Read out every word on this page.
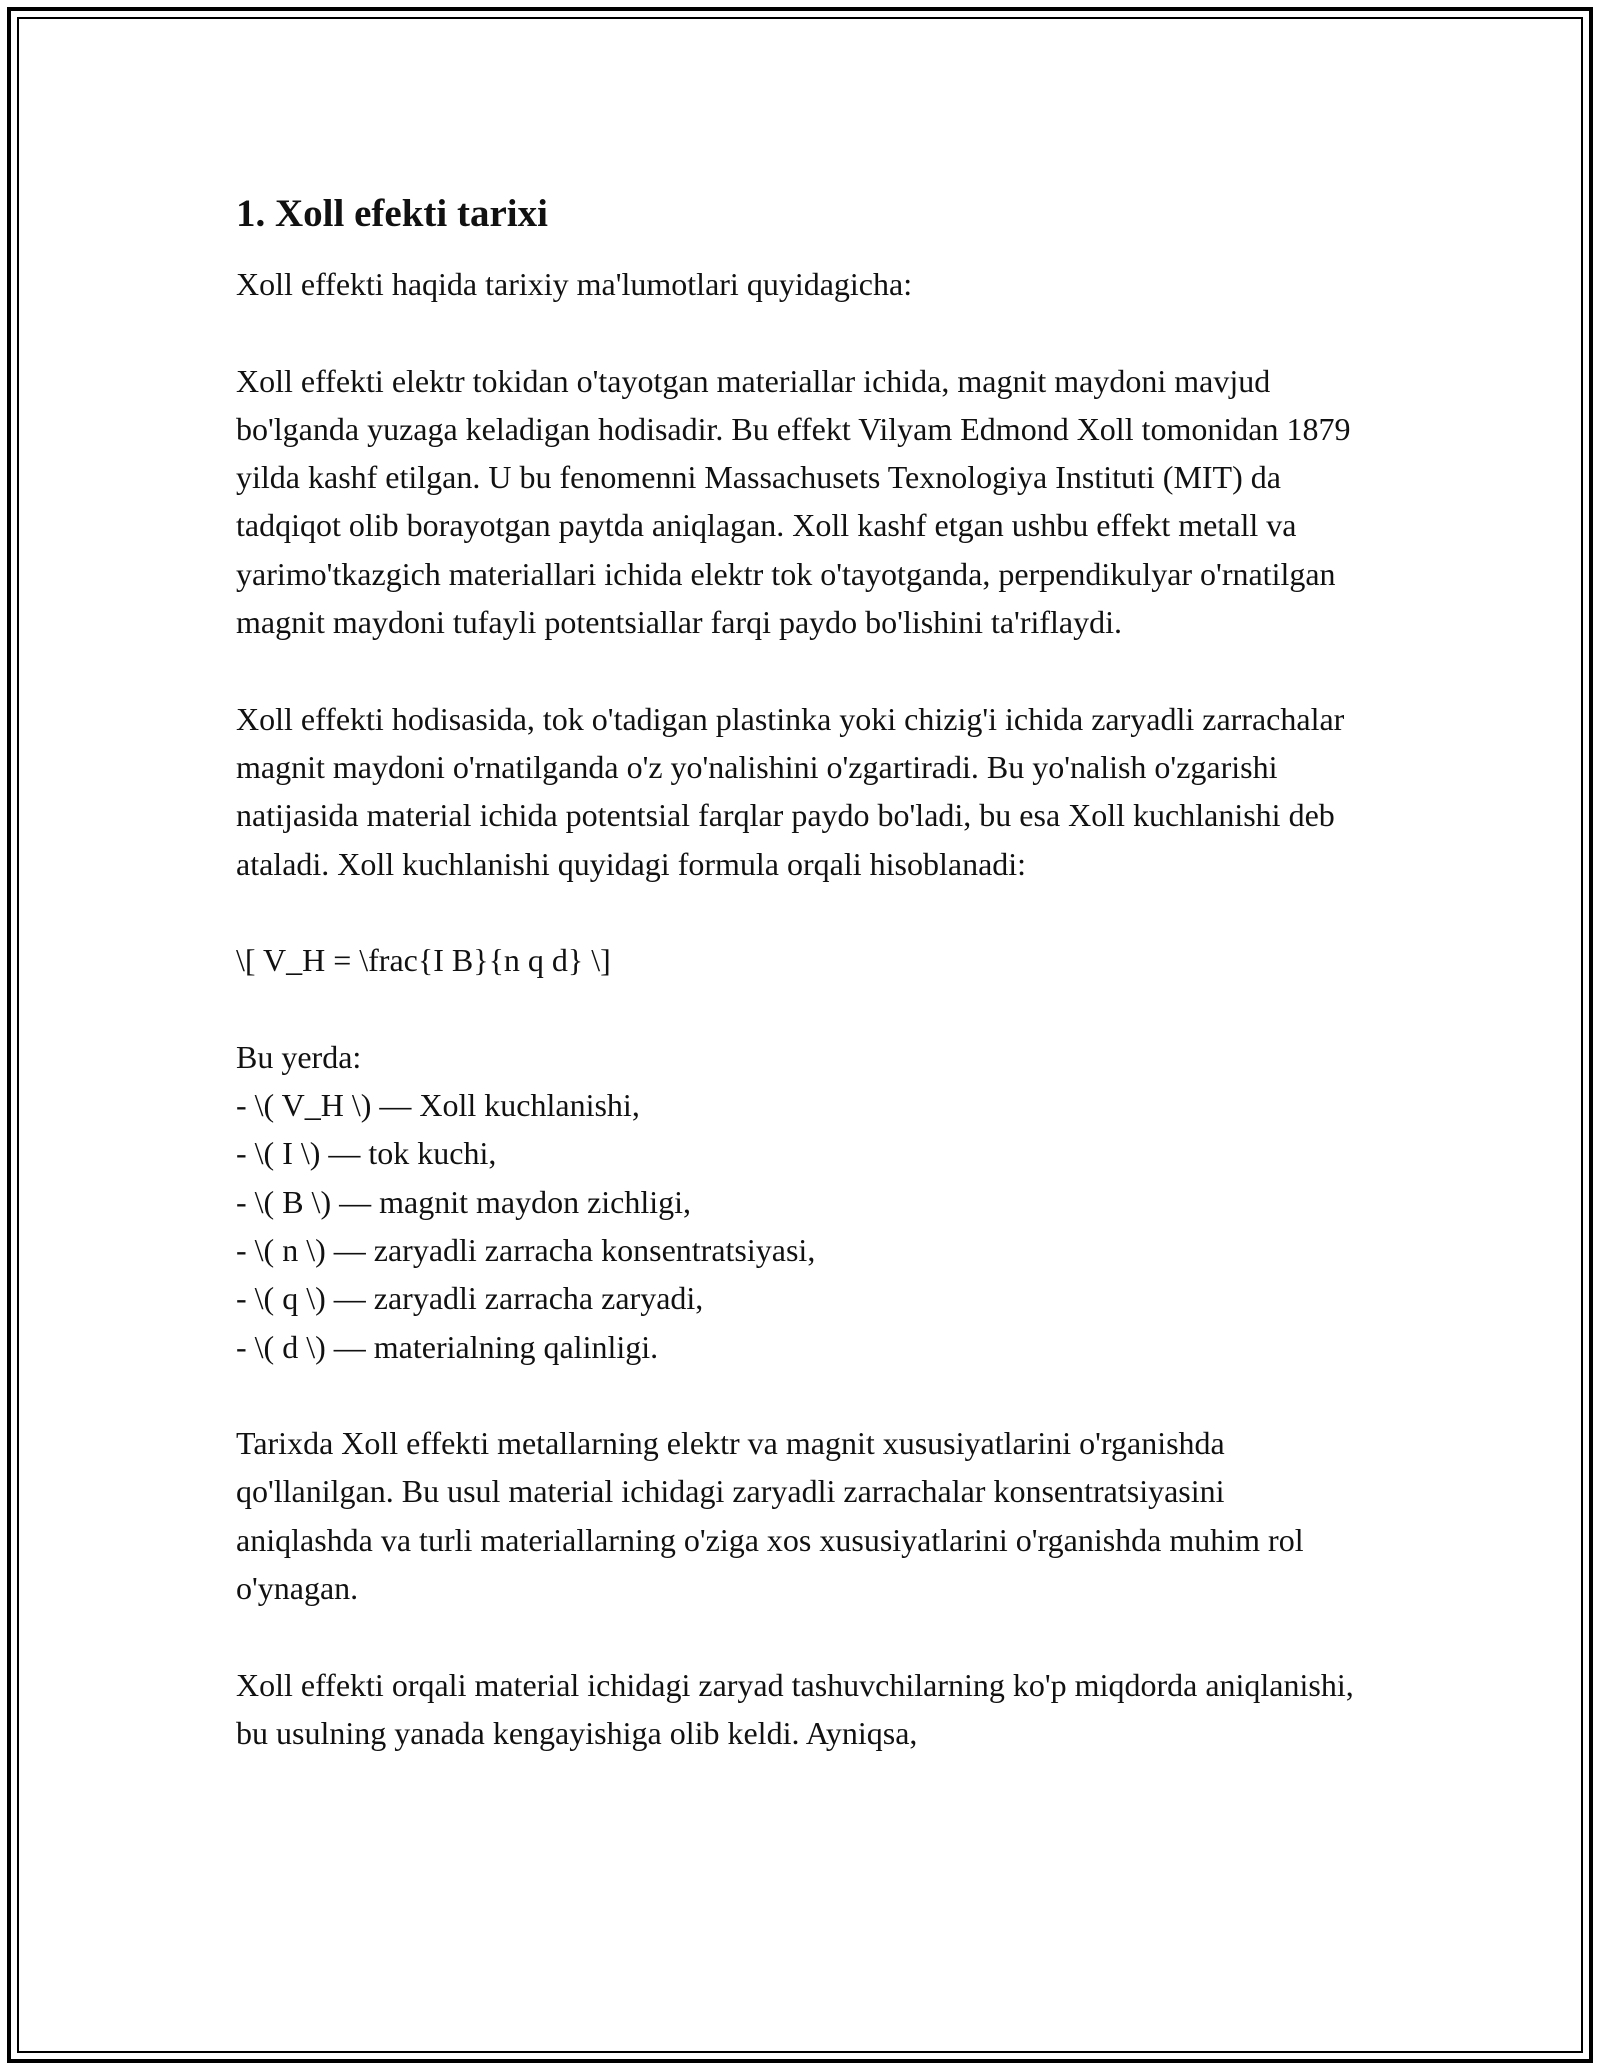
1. Xoll efekti tarixi

Xoll effekti haqida tarixiy ma'lumotlari quyidagicha:

Xoll effekti elektr tokidan o'tayotgan materiallar ichida, magnit maydoni mavjud bo'lganda yuzaga keladigan hodisadir. Bu effekt Vilyam Edmond Xoll tomonidan 1879 yilda kashf etilgan. U bu fenomenni Massachusets Texnologiya Instituti (MIT) da tadqiqot olib borayotgan paytda aniqlagan. Xoll kashf etgan ushbu effekt metall va yarimo'tkazgich materiallari ichida elektr tok o'tayotganda, perpendikulyar o'rnatilgan magnit maydoni tufayli potentsiallar farqi paydo bo'lishini ta'riflaydi.

Xoll effekti hodisasida, tok o'tadigan plastinka yoki chizig'i ichida zaryadli zarrachalar magnit maydoni o'rnatilganda o'z yo'nalishini o'zgartiradi. Bu yo'nalish o'zgarishi natijasida material ichida potentsial farqlar paydo bo'ladi, bu esa Xoll kuchlanishi deb ataladi. Xoll kuchlanishi quyidagi formula orqali hisoblanadi:

\[ V_H = \frac{I B}{n q d} \]

Bu yerda:

- \( V_H \) — Xoll kuchlanishi,
- \( I \) — tok kuchi,
- \( B \) — magnit maydon zichligi,
- \( n \) — zaryadli zarracha konsentratsiyasi,
- \( q \) — zaryadli zarracha zaryadi,
- \( d \) — materialning qalinligi.

Tarixda Xoll effekti metallarning elektr va magnit xususiyatlarini o'rganishda qo'llanilgan. Bu usul material ichidagi zaryadli zarrachalar konsentratsiyasini aniqlashda va turli materiallarning o'ziga xos xususiyatlarini o'rganishda muhim rol o'ynagan.

Xoll effekti orqali material ichidagi zaryad tashuvchilarning ko'p miqdorda aniqlanishi, bu usulning yanada kengayishiga olib keldi. Ayniqsa,
